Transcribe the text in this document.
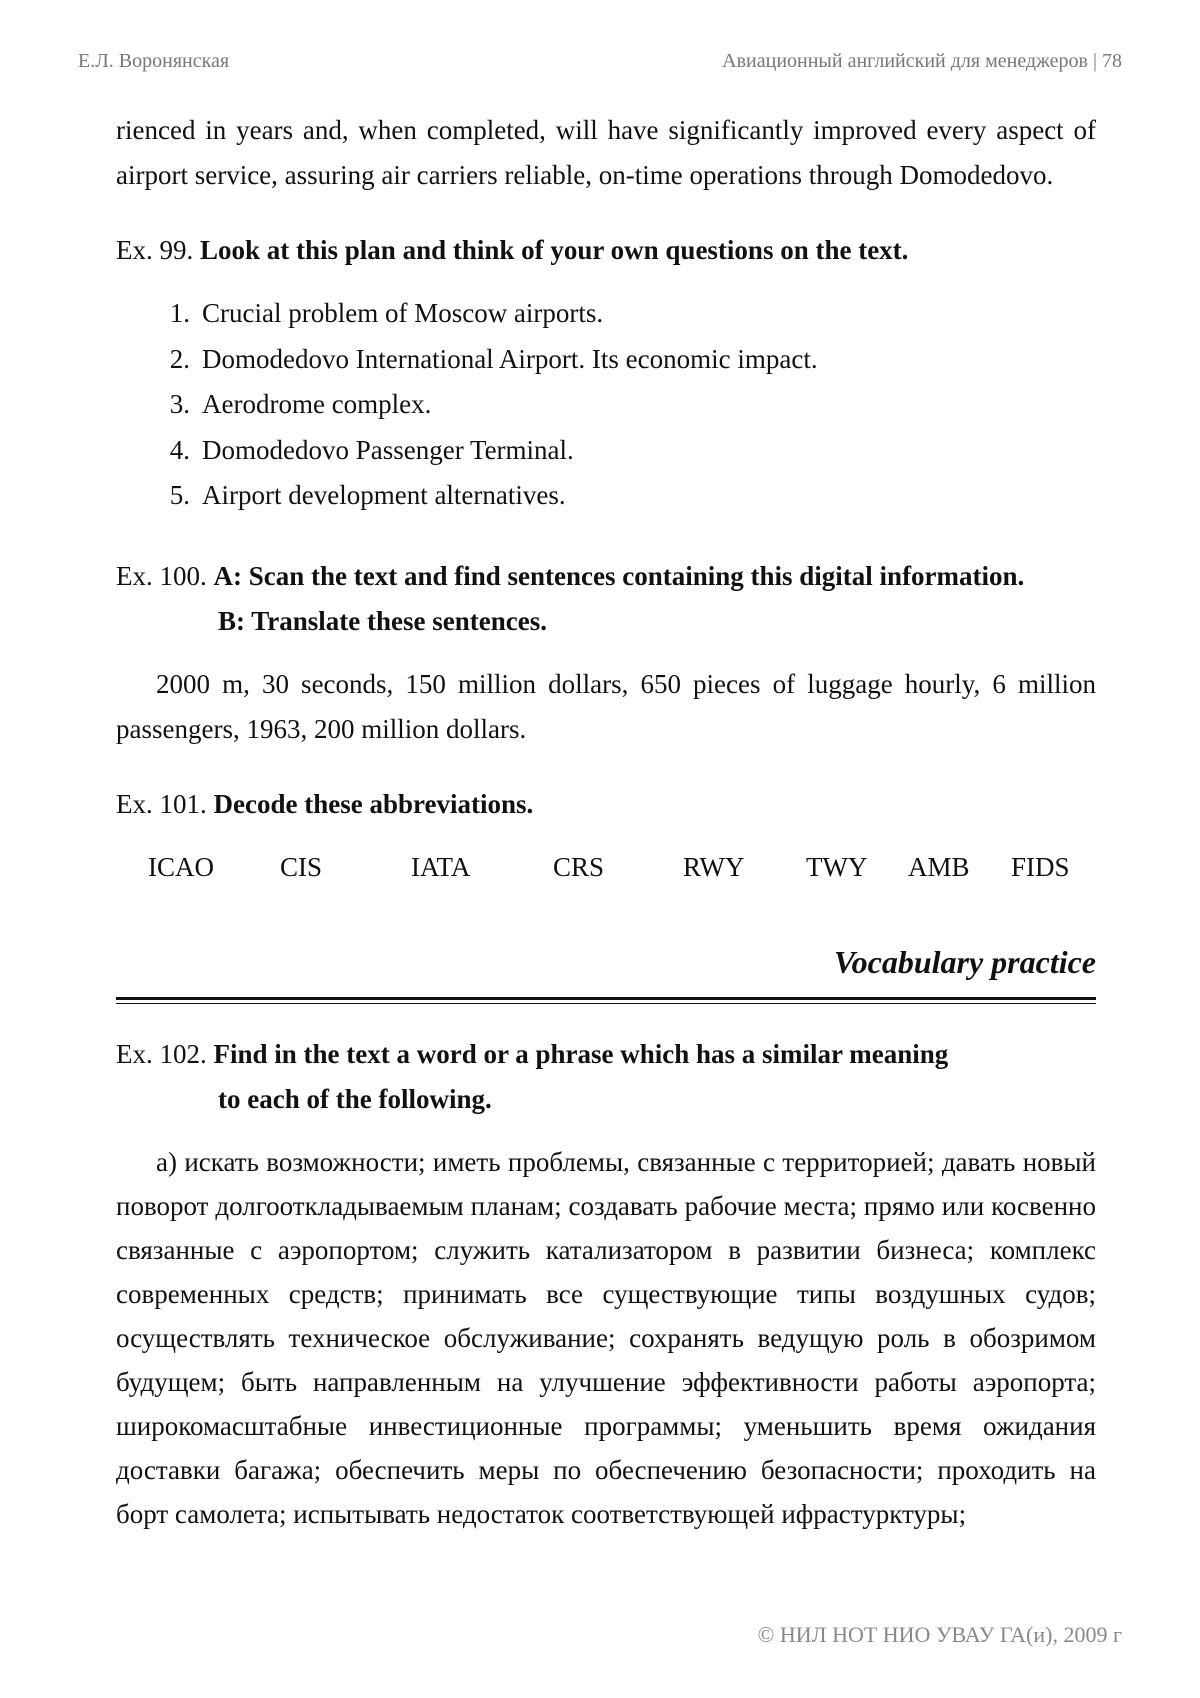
Е.Л. Воронянская	Авиационный английский для менеджеров | 78

rienced in years and, when completed, will have significantly improved every aspect of airport service, assuring air carriers reliable, on-time operations through Domodedovo.

Ex. 99. Look at this plan and think of your own questions on the text.

1. Crucial problem of Moscow airports.
2. Domodedovo International Airport. Its economic impact.
3. Aerodrome complex.
4. Domodedovo Passenger Terminal.
5. Airport development alternatives.

Ex. 100. A: Scan the text and find sentences containing this digital information.
B: Translate these sentences.

2000 m, 30 seconds, 150 million dollars, 650 pieces of luggage hourly, 6 million passengers, 1963, 200 million dollars.

Ex. 101. Decode these abbreviations.

ICAO CIS	IATA	CRS	RWY TWY AMB FIDS

Vocabulary practice

Ex. 102. Find in the text a word or a phrase which has a similar meaning
to each of the following.

а) искать возможности; иметь проблемы, связанные с территорией; давать новый поворот долгооткладываемым планам; создавать рабочие места; прямо или косвенно связанные с аэропортом; служить катализатором в развитии бизнеса; комплекс современных средств; принимать все существующие типы воздушных судов; осуществлять техническое обслуживание; сохранять ведущую роль в обозримом будущем; быть направленным на улучшение эффективности работы аэропорта; широкомасштабные инвестиционные программы; уменьшить время ожидания доставки багажа; обеспечить меры по обеспечению безопасности; проходить на борт самолета; испытывать недостаток соответствующей ифрастурктуры;

© НИЛ НОТ НИО УВАУ ГА(и), 2009 г
